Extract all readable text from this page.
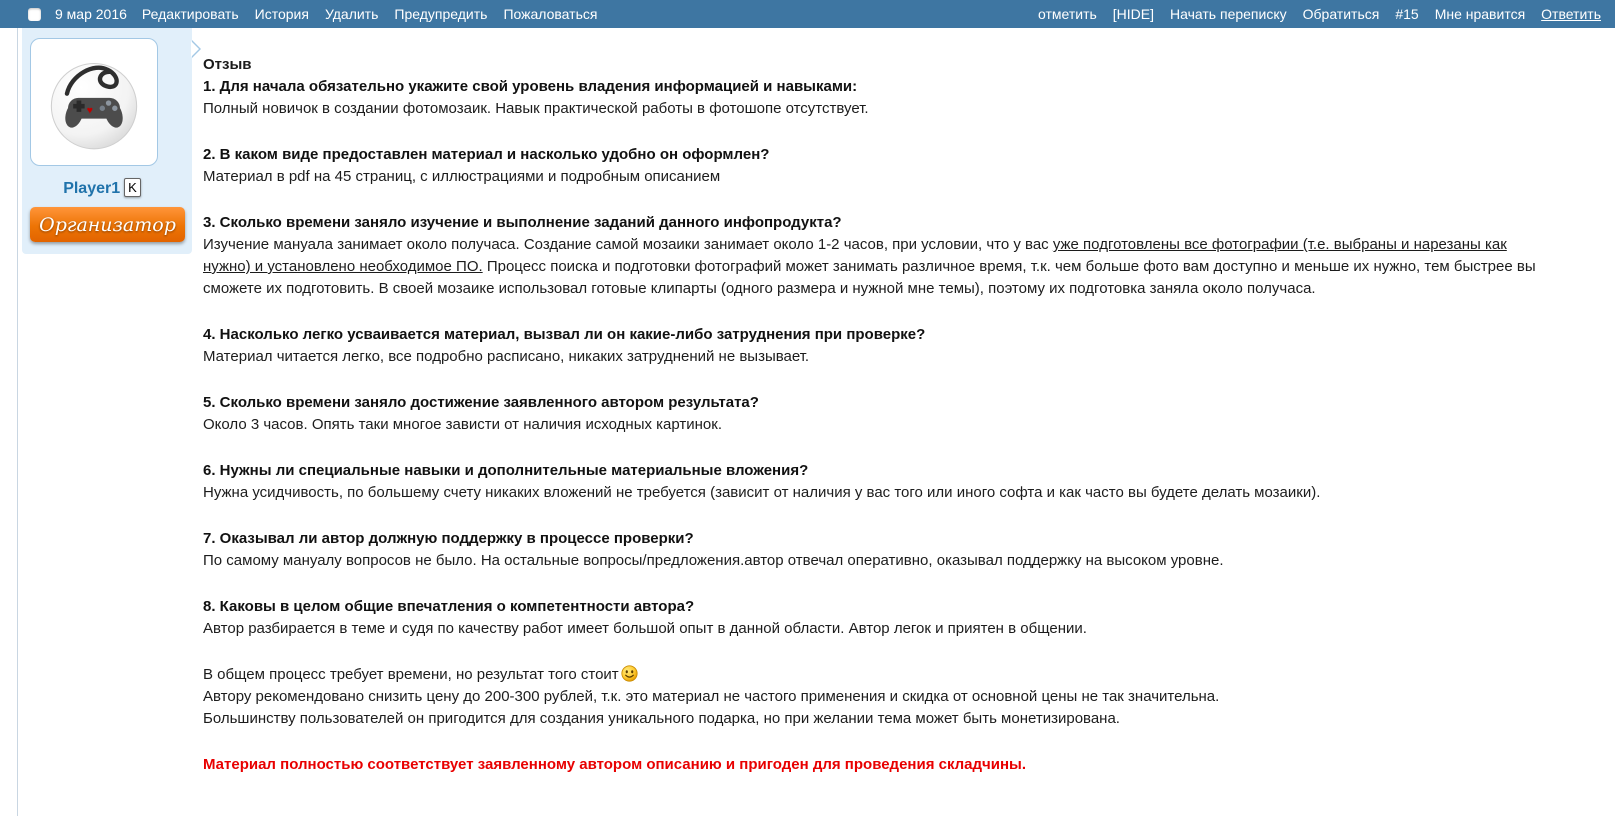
9 мар 2016 Редактировать История Удалить Предупредить Пожаловаться	отметить [HIDE] Начать переписку Обратиться #15 Мне нравится Ответить
♥
Player1 K
Организатор

Отзыв

1. Для начала обязательно укажите свой уровень владения информацией и навыками:

Полный новичок в создании фотомозаик. Навык практической работы в фотошопе отсутствует.

2. В каком виде предоставлен материал и насколько удобно он оформлен?

Материал в pdf на 45 страниц, с иллюстрациями и подробным описанием

3. Сколько времени заняло изучение и выполнение заданий данного инфопродукта?

Изучение мануала занимает около получаса. Создание самой мозаики занимает около 1-2 часов, при условии, что у вас уже подготовлены все фотографии (т.е. выбраны и нарезаны как нужно) и установлено необходимое ПО. Процесс поиска и подготовки фотографий может занимать различное время, т.к. чем больше фото вам доступно и меньше их нужно, тем быстрее вы сможете их подготовить. В своей мозаике использовал готовые клипарты (одного размера и нужной мне темы), поэтому их подготовка заняла около получаса.

4. Насколько легко усваивается материал, вызвал ли он какие-либо затруднения при проверке?

Материал читается легко, все подробно расписано, никаких затруднений не вызывает.

5. Сколько времени заняло достижение заявленного автором результата?

Около 3 часов. Опять таки многое зависти от наличия исходных картинок.

6. Нужны ли специальные навыки и дополнительные материальные вложения?

Нужна усидчивость, по большему счету никаких вложений не требуется (зависит от наличия у вас того или иного софта и как часто вы будете делать мозаики).

7. Оказывал ли автор должную поддержку в процессе проверки?

По самому мануалу вопросов не было. На остальные вопросы/предложения.автор отвечал оперативно, оказывал поддержку на высоком уровне.

8. Каковы в целом общие впечатления о компетентности автора?

Автор разбирается в теме и судя по качеству работ имеет большой опыт в данной области. Автор легок и приятен в общении.

В общем процесс требует времени, но результат того стоит

Автору рекомендовано снизить цену до 200-300 рублей, т.к. это материал не частого применения и скидка от основной цены не так значительна.

Большинству пользователей он пригодится для создания уникального подарка, но при желании тема может быть монетизирована.

Материал полностью соответствует заявленному автором описанию и пригоден для проведения складчины.
